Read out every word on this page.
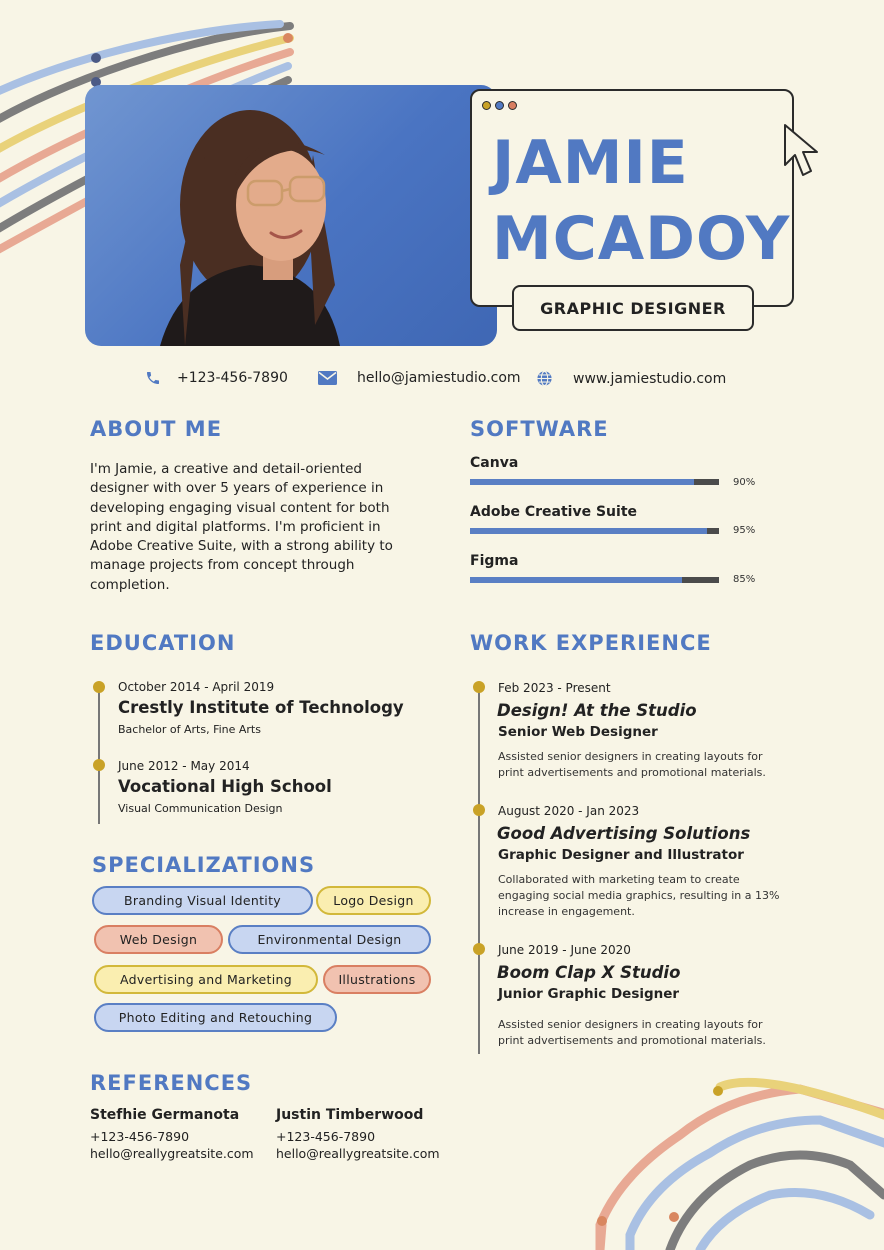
JAMIE
MCADOY
GRAPHIC DESIGNER
+123-456-7890	hello@jamiestudio.com	www.jamiestudio.com
ABOUT ME
I'm Jamie, a creative and detail-oriented designer with over 5 years of experience in developing engaging visual content for both print and digital platforms. I'm proficient in Adobe Creative Suite, with a strong ability to manage projects from concept through completion.
SOFTWARE
Canva
90%
Adobe Creative Suite
95%
Figma
85%
EDUCATION
October 2014 - April 2019
Crestly Institute of Technology
Bachelor of Arts, Fine Arts
June 2012 - May 2014
Vocational High School
Visual Communication Design
WORK EXPERIENCE
Feb 2023 - Present
Design! At the Studio
Senior Web Designer
Assisted senior designers in creating layouts for print advertisements and promotional materials.
August 2020 - Jan 2023
Good Advertising Solutions
Graphic Designer and Illustrator
Collaborated with marketing team to create engaging social media graphics, resulting in a 13% increase in engagement.
June 2019 - June 2020
Boom Clap X Studio
Junior Graphic Designer
Assisted senior designers in creating layouts for print advertisements and promotional materials.
SPECIALIZATIONS
Branding Visual Identity	Logo Design
Web Design	Environmental Design
Advertising and Marketing	Illustrations
Photo Editing and Retouching
REFERENCES
Stefhie Germanota
+123-456-7890
hello@reallygreatsite.com
Justin Timberwood
+123-456-7890
hello@reallygreatsite.com
